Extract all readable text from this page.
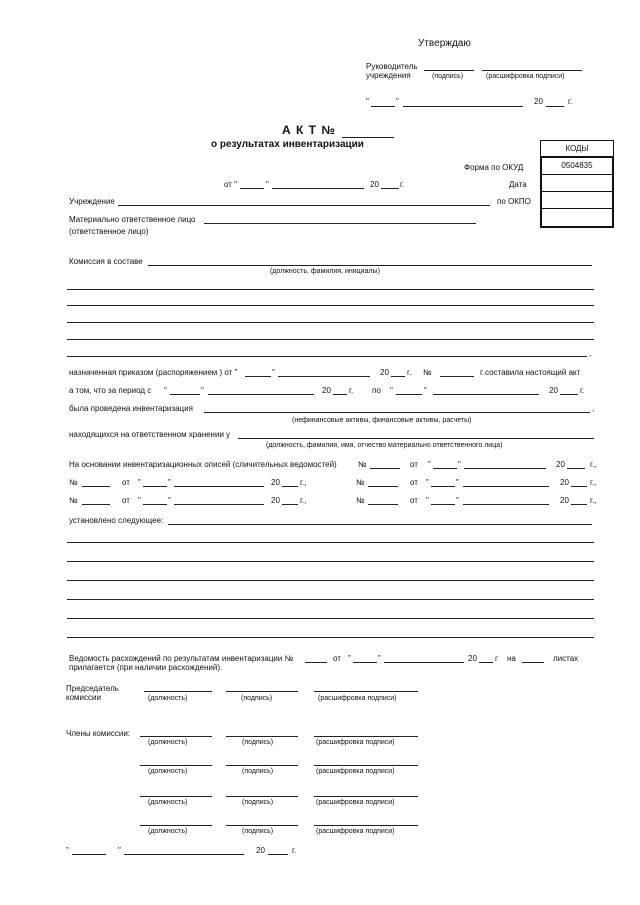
Утверждаю
Руководитель
учреждения	(подпись)	(расшифровка подписи)
"	"	20	г.
А К Т №
о результатах инвентаризации
от "	"	20	г.
КОДЫ
0504835
Форма по ОКУД
Дата
по ОКПО
Учреждение
Материально ответственное лицо
(ответственное лицо)
Комиссия в составе
(должность, фамилия, инициалы)
,
назначенная приказом (распоряжением ) от "	"	20 г. №	г. составила настоящий акт
а том, что за период с "	"	20 г. по "	"	20	г.
была проведена инвентаризация	,
(нефинансовые активы, финансовые активы, расчеты)
находящихся на ответственном хранении у
(должность, фамилия, имя, отчество материально ответственного лица)
На основании инвентаризационных описей (сличительных ведомостей)	№	от "	"	20	г.,
№	от "	"	20	г.,	№	от "	"	20	г.,
№	от "	"	20	г.,	№	от "	"	20	г.,
установлено следующее:
Ведомость расхождений по результатам инвентаризации №	от "	"	20 г на	листах
прилагается (при наличии расхождений).
Председатель
комиссии	(должность)	(подпись)	(расшифровка подписи)
Члены комиссии:
(должность)	(подпись)	(расшифровка подписи)
(должность)	(подпись)	(расшифровка подписи)
(должность)	(подпись)	(расшифровка подписи)
(должность)	(подпись)	(расшифровка подписи)
"	"	20	г.
